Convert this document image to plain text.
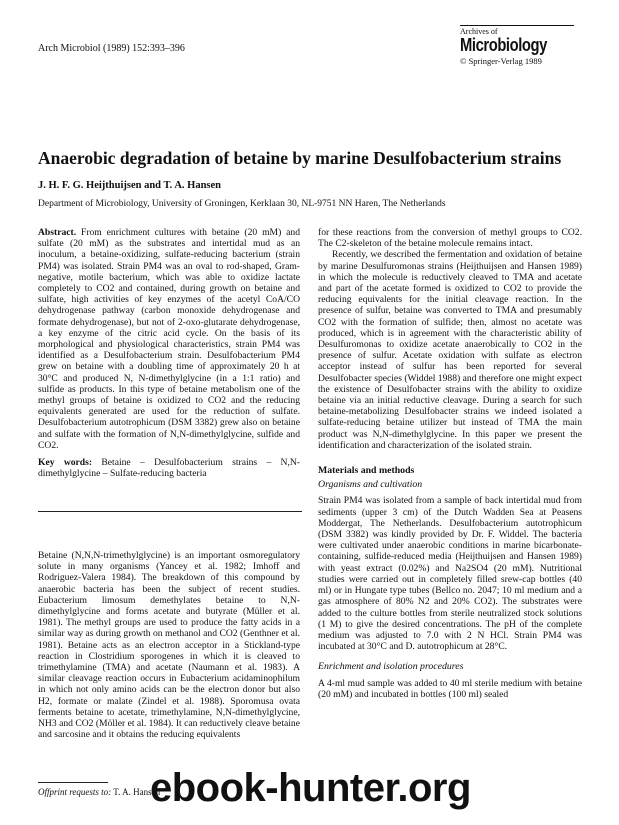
Arch Microbiol (1989) 152:393–396
Archives of
Microbiology
© Springer-Verlag 1989
Anaerobic degradation of betaine by marine Desulfobacterium strains
J. H. F. G. Heijthuijsen and T. A. Hansen
Department of Microbiology, University of Groningen, Kerklaan 30, NL-9751 NN Haren, The Netherlands

Abstract. From enrichment cultures with betaine (20 mM) and sulfate (20 mM) as the substrates and intertidal mud as an inoculum, a betaine-oxidizing, sulfate-reducing bacterium (strain PM4) was isolated. Strain PM4 was an oval to rod-shaped, Gram-negative, motile bacterium, which was able to oxidize lactate completely to CO2 and contained, during growth on betaine and sulfate, high activities of key enzymes of the acetyl CoA/CO dehydrogenase pathway (carbon monoxide dehydrogenase and formate dehydrogenase), but not of 2-oxo-glutarate dehydrogenase, a key enzyme of the citric acid cycle. On the basis of its morphological and physiological characteristics, strain PM4 was identified as a Desulfobacterium strain. Desulfobacterium PM4 grew on betaine with a doubling time of approximately 20 h at 30°C and produced N, N-dimethylglycine (in a 1:1 ratio) and sulfide as products. In this type of betaine metabolism one of the methyl groups of betaine is oxidized to CO2 and the reducing equivalents generated are used for the reduction of sulfate. Desulfobacterium autotrophicum (DSM 3382) grew also on betaine and sulfate with the formation of N,N-dimethylglycine, sulfide and CO2.

Key words: Betaine – Desulfobacterium strains – N,N-dimethylglycine – Sulfate-reducing bacteria

Betaine (N,N,N-trimethylglycine) is an important osmoregulatory solute in many organisms (Yancey et al. 1982; Imhoff and Rodriguez-Valera 1984). The breakdown of this compound by anaerobic bacteria has been the subject of recent studies. Eubacterium limosum demethylates betaine to N,N-dimethylglycine and forms acetate and butyrate (Müller et al. 1981). The methyl groups are used to produce the fatty acids in a similar way as during growth on methanol and CO2 (Genthner et al. 1981). Betaine acts as an electron acceptor in a Stickland-type reaction in Clostridium sporogenes in which it is cleaved to trimethylamine (TMA) and acetate (Naumann et al. 1983). A similar cleavage reaction occurs in Eubacterium acidaminophilum in which not only amino acids can be the electron donor but also H2, formate or malate (Zindel et al. 1988). Sporomusa ovata ferments betaine to acetate, trimethylamine, N,N-dimethylglycine, NH3 and CO2 (Möller et al. 1984). It can reductively cleave betaine and sarcosine and it obtains the reducing equivalents

for these reactions from the conversion of methyl groups to CO2. The C2-skeleton of the betaine molecule remains intact.

Recently, we described the fermentation and oxidation of betaine by marine Desulfuromonas strains (Heijthuijsen and Hansen 1989) in which the molecule is reductively cleaved to TMA and acetate and part of the acetate formed is oxidized to CO2 to provide the reducing equivalents for the initial cleavage reaction. In the presence of sulfur, betaine was converted to TMA and presumably CO2 with the formation of sulfide; then, almost no acetate was produced, which is in agreement with the characteristic ability of Desulfuromonas to oxidize acetate anaerobically to CO2 in the presence of sulfur. Acetate oxidation with sulfate as electron acceptor instead of sulfur has been reported for several Desulfobacter species (Widdel 1988) and therefore one might expect the existence of Desulfobacter strains with the ability to oxidize betaine via an initial reductive cleavage. During a search for such betaine-metabolizing Desulfobacter strains we indeed isolated a sulfate-reducing betaine utilizer but instead of TMA the main product was N,N-dimethylglycine. In this paper we present the identification and characterization of the isolated strain.

Materials and methods

Organisms and cultivation

Strain PM4 was isolated from a sample of back intertidal mud from sediments (upper 3 cm) of the Dutch Wadden Sea at Peasens Moddergat, The Netherlands. Desulfobacterium autotrophicum (DSM 3382) was kindly provided by Dr. F. Widdel. The bacteria were cultivated under anaerobic conditions in marine bicarbonate-containing, sulfide-reduced media (Heijthuijsen and Hansen 1989) with yeast extract (0.02%) and Na2SO4 (20 mM). Nutritional studies were carried out in completely filled srew-cap bottles (40 ml) or in Hungate type tubes (Bellco no. 2047; 10 ml medium and a gas atmosphere of 80% N2 and 20% CO2). The substrates were added to the culture bottles from sterile neutralized stock solutions (1 M) to give the desired concentrations. The pH of the complete medium was adjusted to 7.0 with 2 N HCl. Strain PM4 was incubated at 30°C and D. autotrophicum at 28°C.

Enrichment and isolation procedures

A 4-ml mud sample was added to 40 ml sterile medium with betaine (20 mM) and incubated in bottles (100 ml) sealed

Offprint requests to: T. A. Hansen
ebook-hunter.org
